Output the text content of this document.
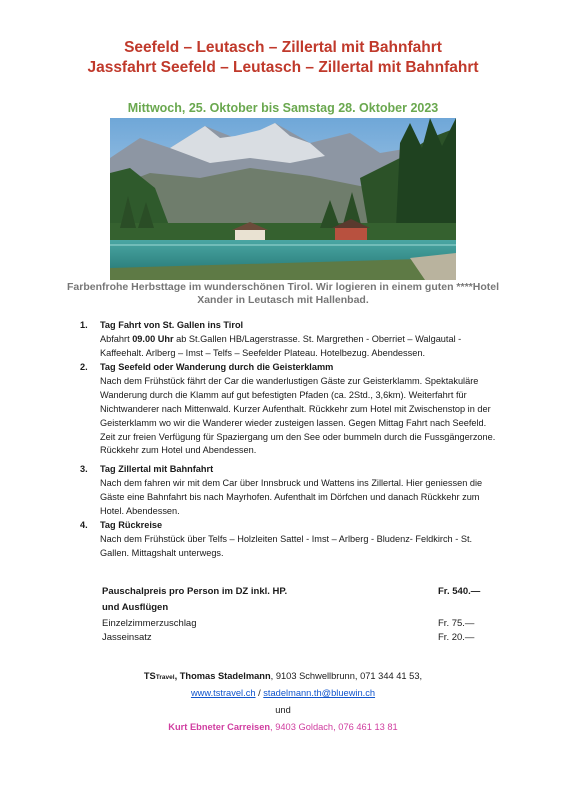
Seefeld – Leutasch – Zillertal mit Bahnfahrt
Jassfahrt Seefeld – Leutasch – Zillertal mit Bahnfahrt
Mittwoch, 25. Oktober bis Samstag 28. Oktober 2023
Farbenfrohe Herbsttage im wunderschönen Tirol. Wir logieren in einem guten ****Hotel
Xander in Leutasch mit Hallenbad.
1. Tag Fahrt von St. Gallen ins Tirol
Abfahrt 09.00 Uhr ab St.Gallen HB/Lagerstrasse. St. Margrethen - Oberriet – Walgautal - Kaffeehalt. Arlberg – Imst – Telfs – Seefelder Plateau. Hotelbezug. Abendessen.
2. Tag Seefeld oder Wanderung durch die Geisterklamm
Nach dem Frühstück fährt der Car die wanderlustigen Gäste zur Geisterklamm. Spektakuläre Wanderung durch die Klamm auf gut befestigten Pfaden (ca. 2Std., 3,6km). Weiterfahrt für Nichtwanderer nach Mittenwald. Kurzer Aufenthalt. Rückkehr zum Hotel mit Zwischenstop in der Geisterklamm wo wir die Wanderer wieder zusteigen lassen. Gegen Mittag Fahrt nach Seefeld. Zeit zur freien Verfügung für Spaziergang um den See oder bummeln durch die Fussgängerzone. Rückkehr zum Hotel und Abendessen.
3. Tag Zillertal mit Bahnfahrt
Nach dem fahren wir mit dem Car über Innsbruck und Wattens ins Zillertal. Hier geniessen die Gäste eine Bahnfahrt bis nach Mayrhofen. Aufenthalt im Dörfchen und danach Rückkehr zum Hotel. Abendessen.
4. Tag Rückreise
Nach dem Frühstück über Telfs – Holzleiten Sattel - Imst – Arlberg - Bludenz- Feldkirch - St. Gallen. Mittagshalt unterwegs.
Pauschalpreis pro Person im DZ inkl. HP.	Fr. 540.—
und Ausflügen
Einzelzimmerzuschlag	Fr. 75.—
Jasseinsatz	Fr. 20.—
TSTravel, Thomas Stadelmann, 9103 Schwellbrunn, 071 344 41 53,
www.tstravel.ch / stadelmann.th@bluewin.ch
und
Kurt Ebneter Carreisen, 9403 Goldach, 076 461 13 81
